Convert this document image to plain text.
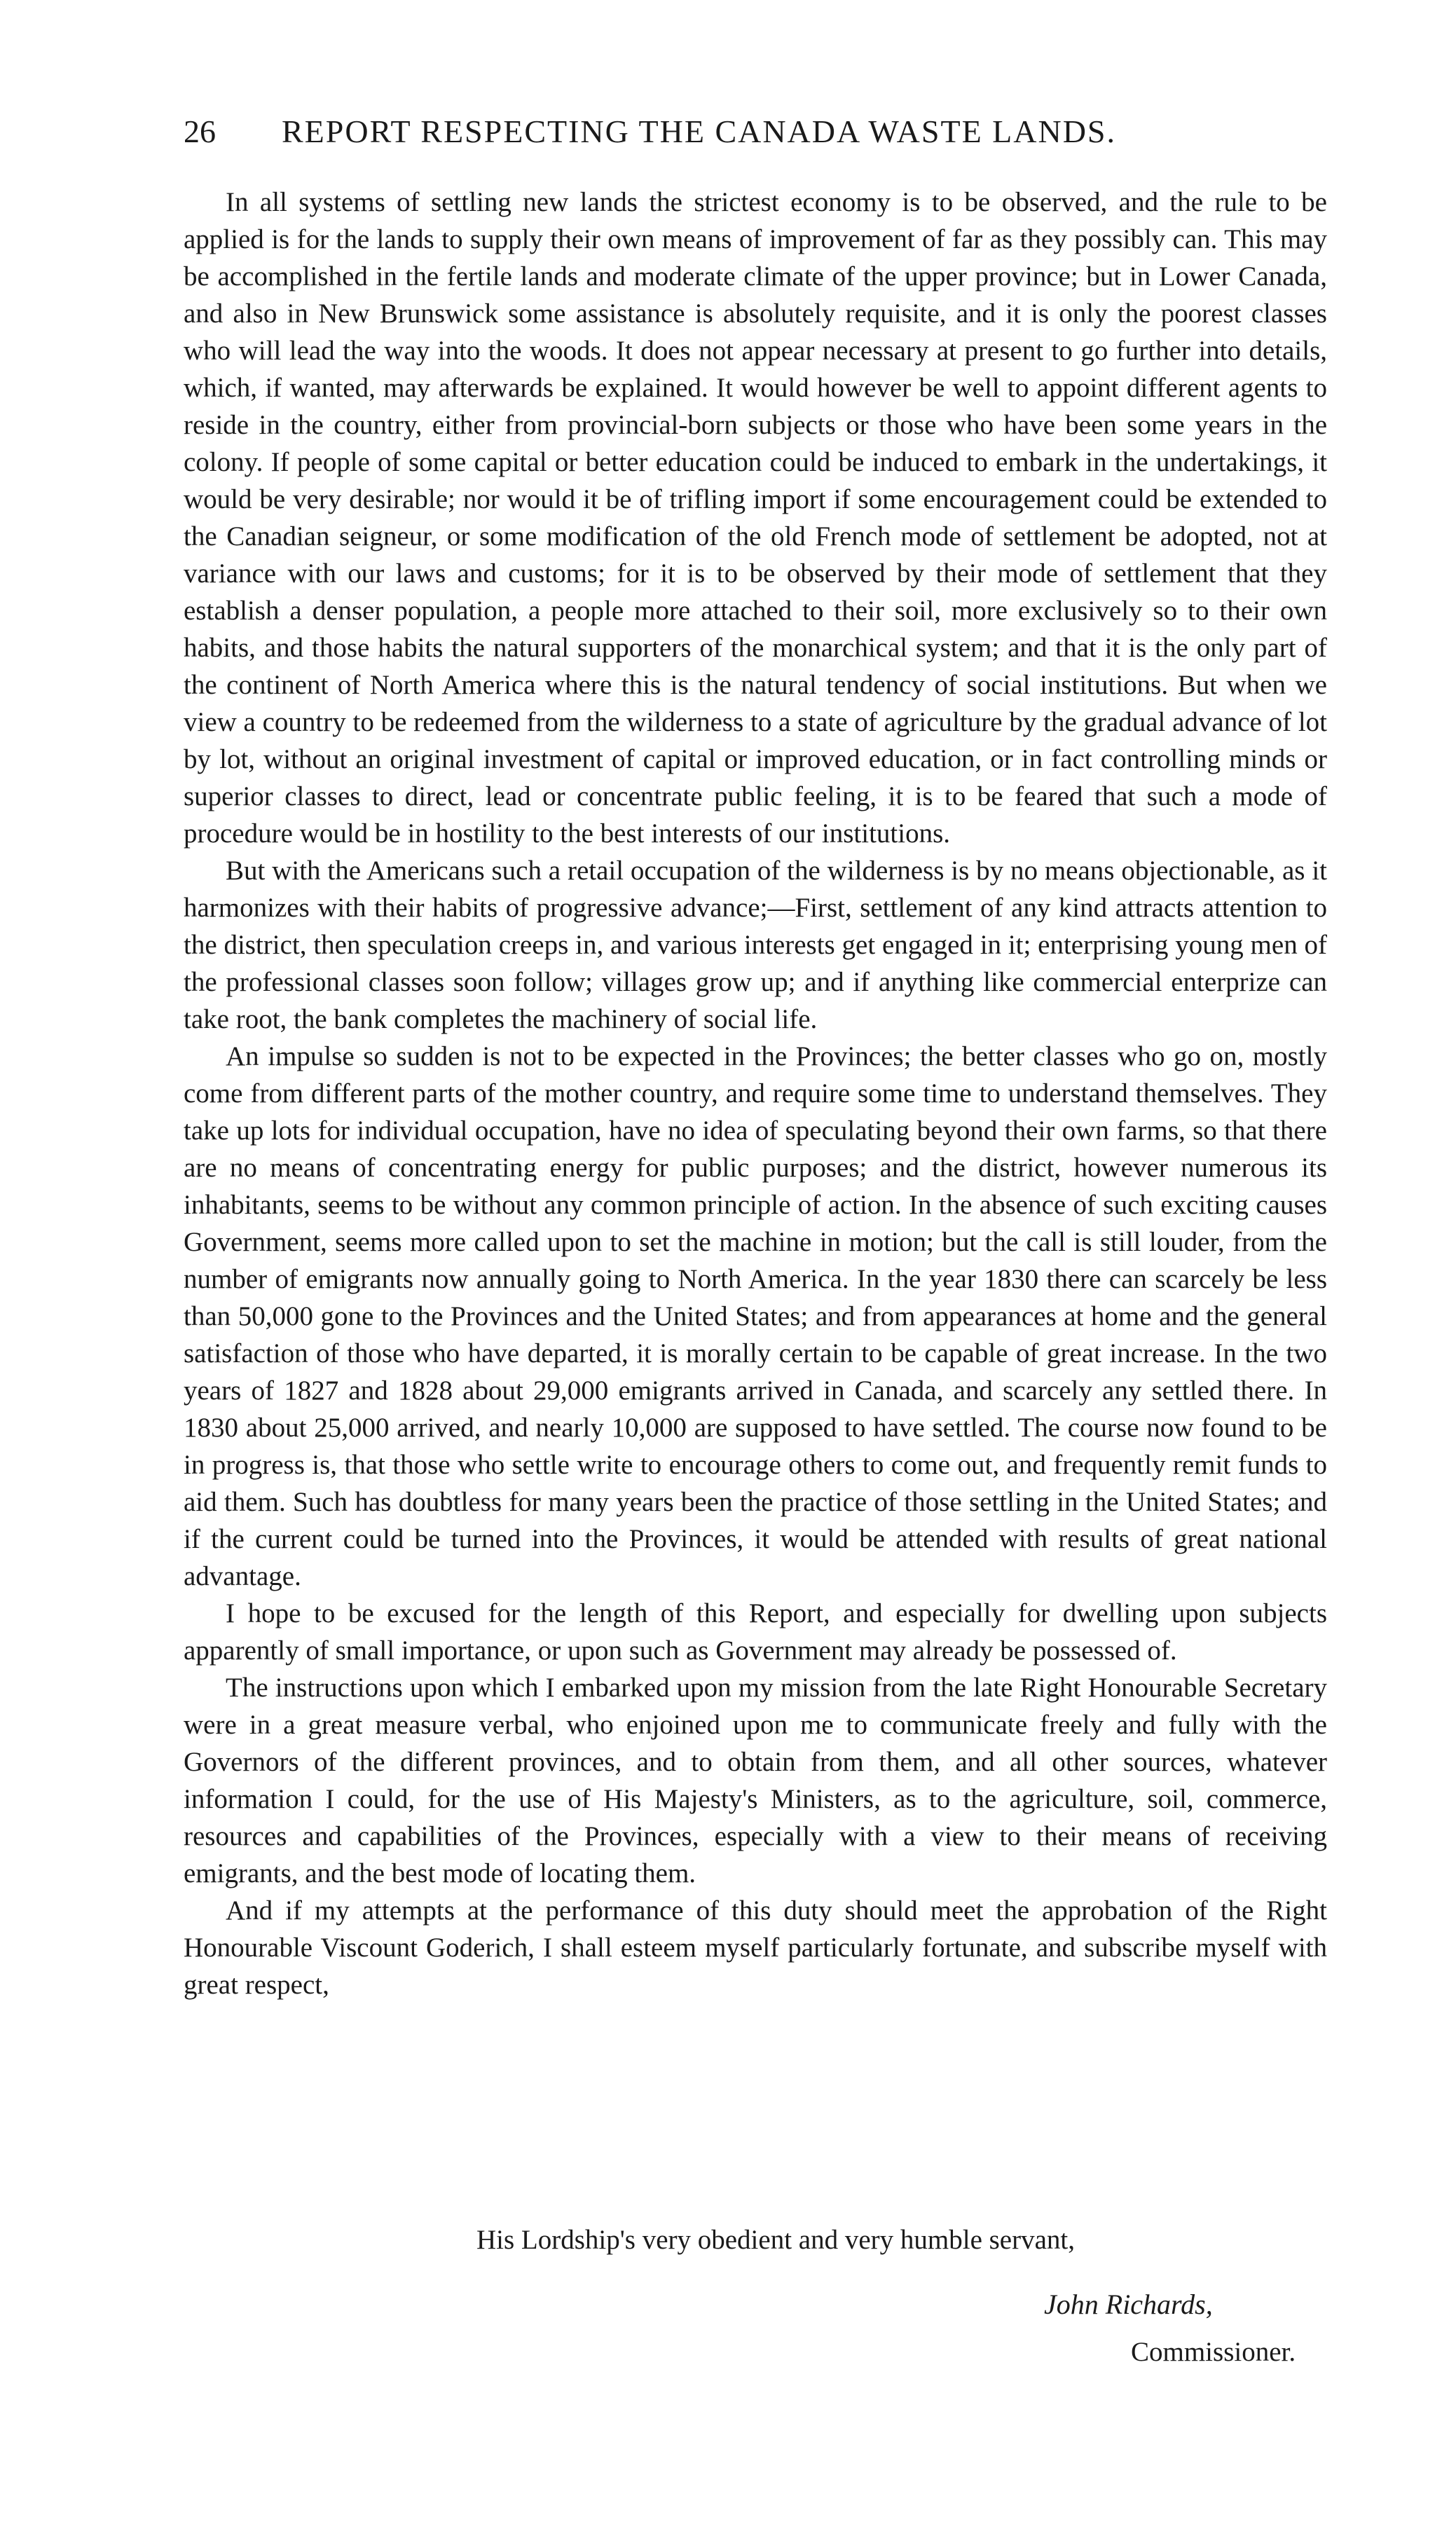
26 REPORT RESPECTING THE CANADA WASTE LANDS.

In all systems of settling new lands the strictest economy is to be observed, and the rule to be applied is for the lands to supply their own means of improvement of far as they possibly can. This may be accomplished in the fertile lands and moderate climate of the upper province; but in Lower Canada, and also in New Brunswick some assistance is absolutely requisite, and it is only the poorest classes who will lead the way into the woods. It does not appear necessary at present to go further into details, which, if wanted, may afterwards be explained. It would however be well to appoint different agents to reside in the country, either from provincial-born subjects or those who have been some years in the colony. If people of some capital or better education could be induced to embark in the undertakings, it would be very desirable; nor would it be of trifling import if some encouragement could be extended to the Canadian seigneur, or some modification of the old French mode of settlement be adopted, not at variance with our laws and customs; for it is to be observed by their mode of settlement that they establish a denser population, a people more attached to their soil, more exclusively so to their own habits, and those habits the natural supporters of the monarchical system; and that it is the only part of the continent of North America where this is the natural tendency of social institutions. But when we view a country to be redeemed from the wilderness to a state of agriculture by the gradual advance of lot by lot, without an original investment of capital or improved education, or in fact controlling minds or superior classes to direct, lead or concentrate public feeling, it is to be feared that such a mode of procedure would be in hostility to the best interests of our institutions.

But with the Americans such a retail occupation of the wilderness is by no means objectionable, as it harmonizes with their habits of progressive advance;—First, settlement of any kind attracts attention to the district, then speculation creeps in, and various interests get engaged in it; enterprising young men of the professional classes soon follow; villages grow up; and if anything like commercial enterprize can take root, the bank completes the machinery of social life.

An impulse so sudden is not to be expected in the Provinces; the better classes who go on, mostly come from different parts of the mother country, and require some time to understand themselves. They take up lots for individual occupation, have no idea of speculating beyond their own farms, so that there are no means of concentrating energy for public purposes; and the district, however numerous its inhabitants, seems to be without any common principle of action. In the absence of such exciting causes Government, seems more called upon to set the machine in motion; but the call is still louder, from the number of emigrants now annually going to North America. In the year 1830 there can scarcely be less than 50,000 gone to the Provinces and the United States; and from appearances at home and the general satisfaction of those who have departed, it is morally certain to be capable of great increase. In the two years of 1827 and 1828 about 29,000 emigrants arrived in Canada, and scarcely any settled there. In 1830 about 25,000 arrived, and nearly 10,000 are supposed to have settled. The course now found to be in progress is, that those who settle write to encourage others to come out, and frequently remit funds to aid them. Such has doubtless for many years been the practice of those settling in the United States; and if the current could be turned into the Provinces, it would be attended with results of great national advantage.

I hope to be excused for the length of this Report, and especially for dwelling upon subjects apparently of small importance, or upon such as Government may already be possessed of.

The instructions upon which I embarked upon my mission from the late Right Honourable Secretary were in a great measure verbal, who enjoined upon me to communicate freely and fully with the Governors of the different provinces, and to obtain from them, and all other sources, whatever information I could, for the use of His Majesty's Ministers, as to the agriculture, soil, commerce, resources and capabilities of the Provinces, especially with a view to their means of receiving emigrants, and the best mode of locating them.

And if my attempts at the performance of this duty should meet the approbation of the Right Honourable Viscount Goderich, I shall esteem myself particularly fortunate, and subscribe myself with great respect,

His Lordship's very obedient and very humble servant,
John Richards,
Commissioner.
